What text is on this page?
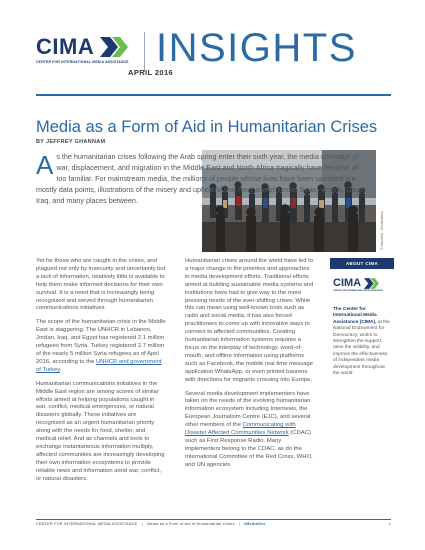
CIMA
CENTER FOR INTERNATIONAL MEDIA ASSISTANCE INSIGHTS
APRIL 2016
Media as a Form of Aid in Humanitarian Crises
BY JEFFREY GHANNAM
© Imported - Shutterstock
As the humanitarian crises following the Arab spring enter their sixth year, the media coverage of war, displacement, and migration in the Middle East and North Africa tragically have become all too familiar. For mainstream media, the millions of people whose lives have been upended are mostly data points, illustrations of the misery and upheaval that have swept across Syria, Yemen, Gaza, Iraq, and many places between.

Yet for those who are caught in the crises, and plagued not only by insecurity and uncertainty but a lack of information, relatively little is available to help them make informed decisions for their own survival. It is a need that is increasingly being recognized and served through humanitarian communications initiatives.

The scope of the humanitarian crisis in the Middle East is staggering. The UNHCR in Lebanon, Jordan, Iraq, and Egypt has registered 2.1 million refugees from Syria. Turkey registered 2.7 million of the nearly 5 million Syria refugees as of April 2016, according to the UNHCR and government of Turkey.

Humanitarian communications initiatives in the Middle East region are among scores of similar efforts aimed at helping populations caught in war, conflict, medical emergencies, or natural disasters globally. These initiatives are recognized as an urgent humanitarian priority along with the needs for food, shelter, and medical relief. And as channels and tools to exchange instantaneous information multiply, affected communities are increasingly developing their own information ecosystems to provide reliable news and information amid war, conflict, or natural disasters.

Humanitarian crises around the world have led to a major change in the priorities and approaches in media development efforts. Traditional efforts aimed at building sustainable media systems and institutions have had to give way to the more pressing needs of the ever-shifting crises. While this can mean using well-known tools such as radio and social media, it has also forced practitioners to come up with innovative ways to connect to affected communities. Creating humanitarian information systems requires a focus on the interplay of technology, word-of-mouth, and offline information using platforms such as Facebook, the mobile real time message application WhatsApp, or even printed banners with directions for migrants crossing into Europe.

Several media development implementers have taken on the needs of the evolving humanitarian information ecosystem including Internews, the European Journalism Centre (EJC), and several other members of the Communicating with Disaster Affected Communities Network (CDAC) such as First Response Radio. Many implementers belong to the CDAC, as do the International Committee of the Red Cross, WHO, and UN agencies

ABOUT CIMA
CIMA
CENTER FOR INTERNATIONAL MEDIA ASSISTANCE
The Center for International Media Assistance (CIMA), at the National Endowment for Democracy, works to strengthen the support, raise the visibility, and improve the effectiveness of independent media development throughout the world.
CENTER FOR INTERNATIONAL MEDIA ASSISTANCE | Media as a Form of Aid in Humanitarian Crises | #MediaDev	1
